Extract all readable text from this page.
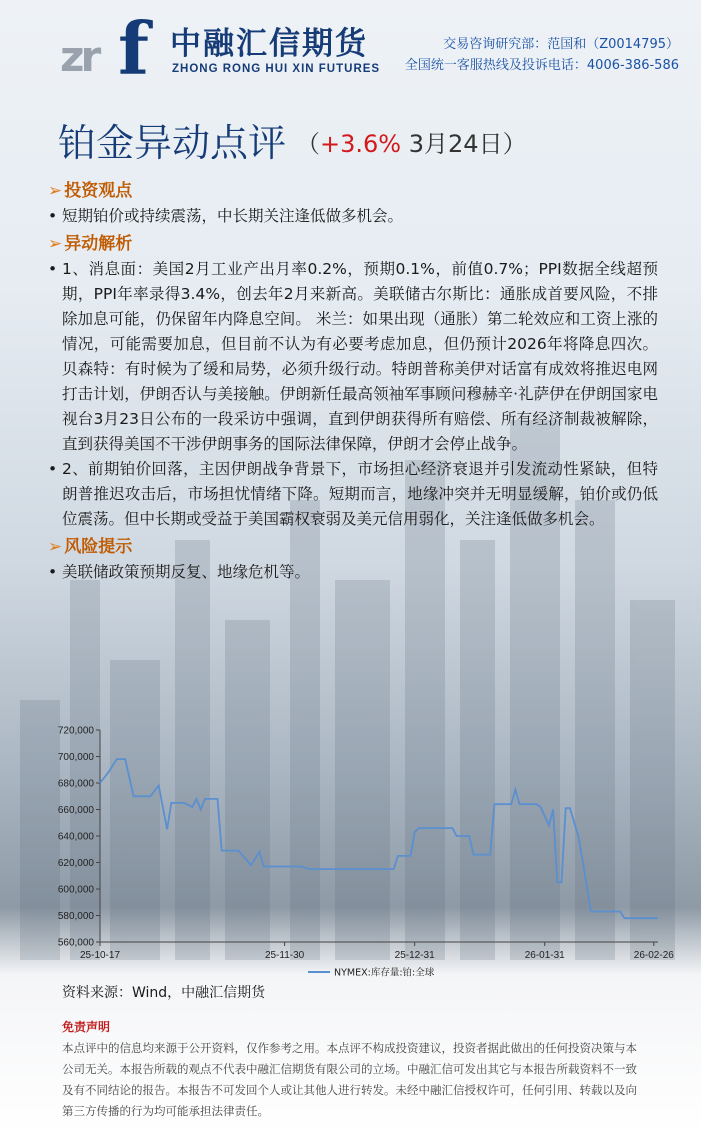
zr f 中融汇信期货
ZHONG RONG HUI XIN FUTURES
交易咨询研究部：范国和（Z0014795）
全国统一客服热线及投诉电话：4006-386-586
铂金异动点评 （+3.6% 3月24日）
➢ 投资观点
• 短期铂价或持续震荡，中长期关注逢低做多机会。
➢ 异动解析
• 1、消息面：美国2月工业产出月率0.2%，预期0.1%，前值0.7%；PPI数据全线超预期，PPI年率录得3.4%，创去年2月来新高。美联储古尔斯比：通胀成首要风险，不排除加息可能，仍保留年内降息空间。 米兰：如果出现（通胀）第二轮效应和工资上涨的情况，可能需要加息，但目前不认为有必要考虑加息，但仍预计2026年将降息四次。贝森特：有时候为了缓和局势，必须升级行动。特朗普称美伊对话富有成效将推迟电网打击计划，伊朗否认与美接触。伊朗新任最高领袖军事顾问穆赫辛·礼萨伊在伊朗国家电视台3月23日公布的一段采访中强调，直到伊朗获得所有赔偿、所有经济制裁被解除，直到获得美国不干涉伊朗事务的国际法律保障，伊朗才会停止战争。
• 2、前期铂价回落，主因伊朗战争背景下，市场担心经济衰退并引发流动性紧缺，但特朗普推迟攻击后，市场担忧情绪下降。短期而言，地缘冲突并无明显缓解，铂价或仍低位震荡。但中长期或受益于美国霸权衰弱及美元信用弱化，关注逢低做多机会。
➢ 风险提示
• 美联储政策预期反复、地缘危机等。
560,000
580,000
600,000
620,000
640,000
660,000
680,000
700,000
720,000
25-10-17	25-11-30	25-12-31	26-01-31	26-02-26
NYMEX:库存量:铂:全球
资料来源：Wind，中融汇信期货
免责声明
本点评中的信息均来源于公开资料，仅作参考之用。本点评不构成投资建议，投资者据此做出的任何投资决策与本公司无关。本报告所载的观点不代表中融汇信期货有限公司的立场。中融汇信可发出其它与本报告所载资料不一致及有不同结论的报告。本报告不可发回个人或让其他人进行转发。未经中融汇信授权许可，任何引用、转载以及向第三方传播的行为均可能承担法律责任。
